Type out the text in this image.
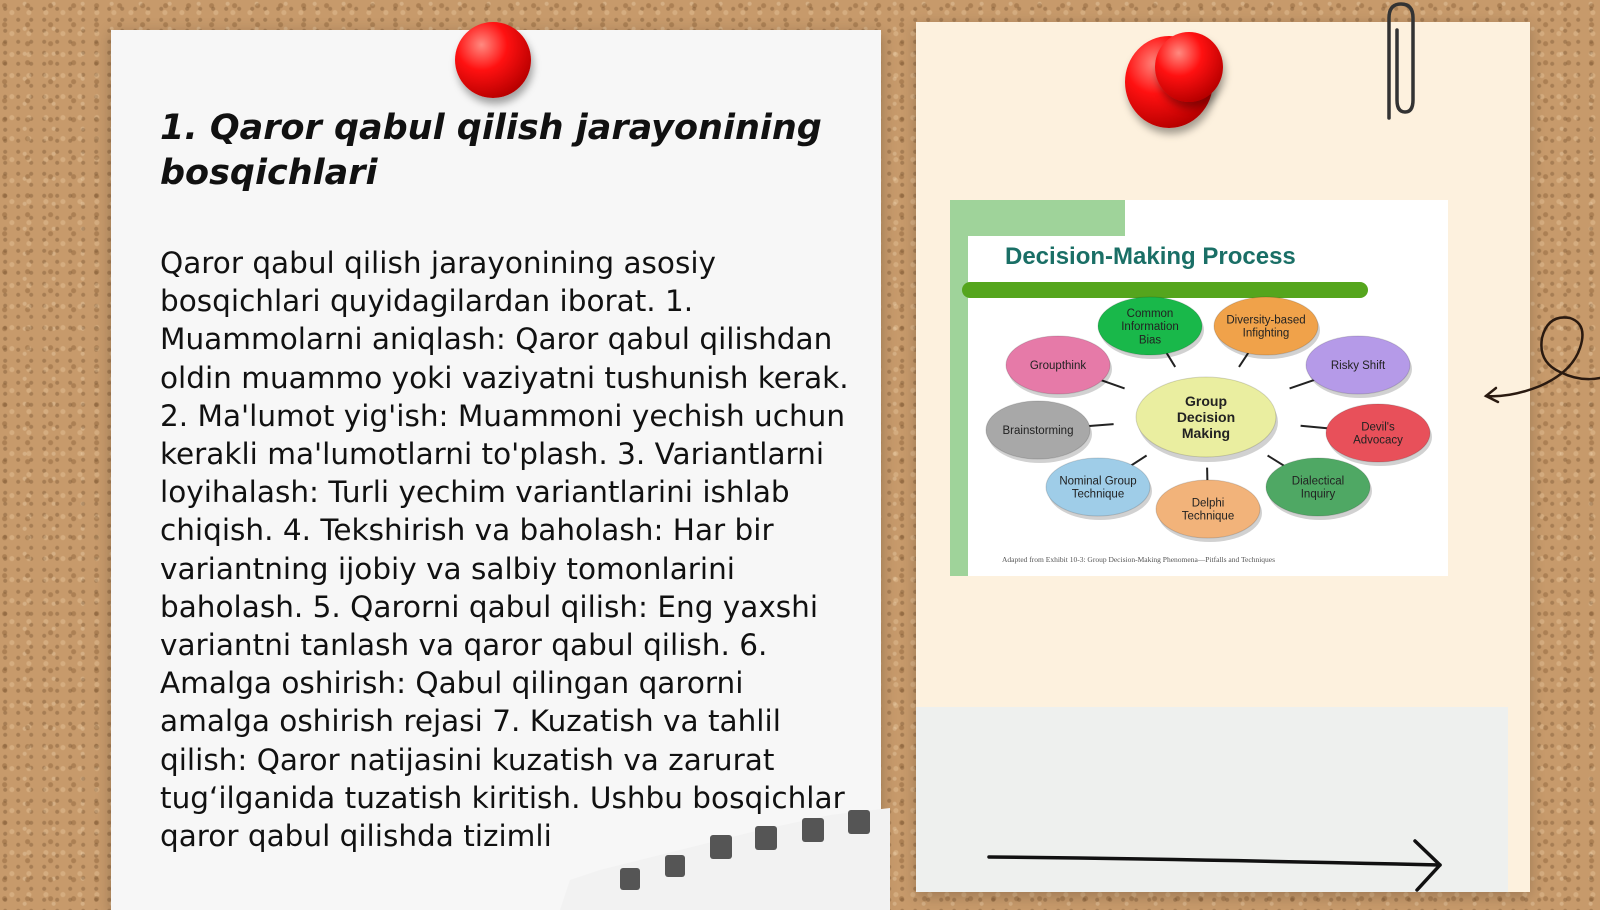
1. Qaror qabul qilish jarayonining bosqichlari
Qaror qabul qilish jarayonining asosiy bosqichlari quyidagilardan iborat. 1. Muammolarni aniqlash: Qaror qabul qilishdan oldin muammo yoki vaziyatni tushunish kerak. 2. Ma'lumot yig'ish: Muammoni yechish uchun kerakli ma'lumotlarni to'plash. 3. Variantlarni loyihalash: Turli yechim variantlarini ishlab chiqish. 4. Tekshirish va baholash: Har bir variantning ijobiy va salbiy tomonlarini baholash. 5. Qarorni qabul qilish: Eng yaxshi variantni tanlash va qaror qabul qilish. 6. Amalga oshirish: Qabul qilingan qarorni amalga oshirish rejasi 7. Kuzatish va tahlil qilish: Qaror natijasini kuzatish va zarurat tug‘ilganida tuzatish kiritish. Ushbu bosqichlar qaror qabul qilishda tizimli
Decision-Making Process
Common Information Bias
Diversity-based Infighting
Risky Shift
Devil's Advocacy
Dialectical Inquiry
Delphi Technique
Nominal Group Technique
Brainstorming
Groupthink
Group Decision Making
Adapted from Exhibit 10-3: Group Decision-Making Phenomena—Pitfalls and Techniques
